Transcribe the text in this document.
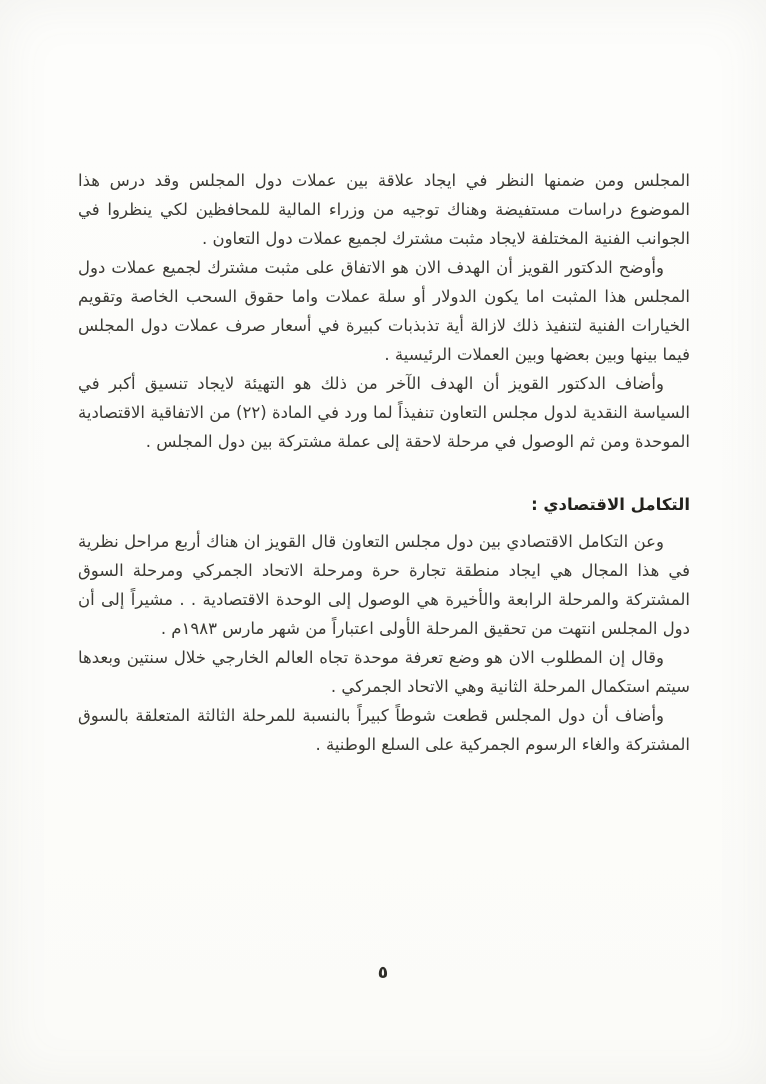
المجلس ومن ضمنها النظر في ايجاد علاقة بين عملات دول المجلس وقد درس هذا الموضوع دراسات مستفيضة وهناك توجيه من وزراء المالية للمحافظين لكي ينظروا في الجوانب الفنية المختلفة لايجاد مثبت مشترك لجميع عملات دول التعاون .

وأوضح الدكتور القويز أن الهدف الان هو الاتفاق على مثبت مشترك لجميع عملات دول المجلس هذا المثبت اما يكون الدولار أو سلة عملات واما حقوق السحب الخاصة وتقويم الخيارات الفنية لتنفيذ ذلك لازالة أية تذبذبات كبيرة في أسعار صرف عملات دول المجلس فيما بينها وبين بعضها وبين العملات الرئيسية .

وأضاف الدكتور القويز أن الهدف الآخر من ذلك هو التهيئة لايجاد تنسيق أكبر في السياسة النقدية لدول مجلس التعاون تنفيذاً لما ورد في المادة (٢٢) من الاتفاقية الاقتصادية الموحدة ومن ثم الوصول في مرحلة لاحقة إلى عملة مشتركة بين دول المجلس .

التكامل الاقتصادي :

وعن التكامل الاقتصادي بين دول مجلس التعاون قال القويز ان هناك أربع مراحل نظرية في هذا المجال هي ايجاد منطقة تجارة حرة ومرحلة الاتحاد الجمركي ومرحلة السوق المشتركة والمرحلة الرابعة والأخيرة هي الوصول إلى الوحدة الاقتصادية . . مشيراً إلى أن دول المجلس انتهت من تحقيق المرحلة الأولى اعتباراً من شهر مارس ١٩٨٣م .

وقال إن المطلوب الان هو وضع تعرفة موحدة تجاه العالم الخارجي خلال سنتين وبعدها سيتم استكمال المرحلة الثانية وهي الاتحاد الجمركي .

وأضاف أن دول المجلس قطعت شوطاً كبيراً بالنسبة للمرحلة الثالثة المتعلقة بالسوق المشتركة والغاء الرسوم الجمركية على السلع الوطنية .

٥
